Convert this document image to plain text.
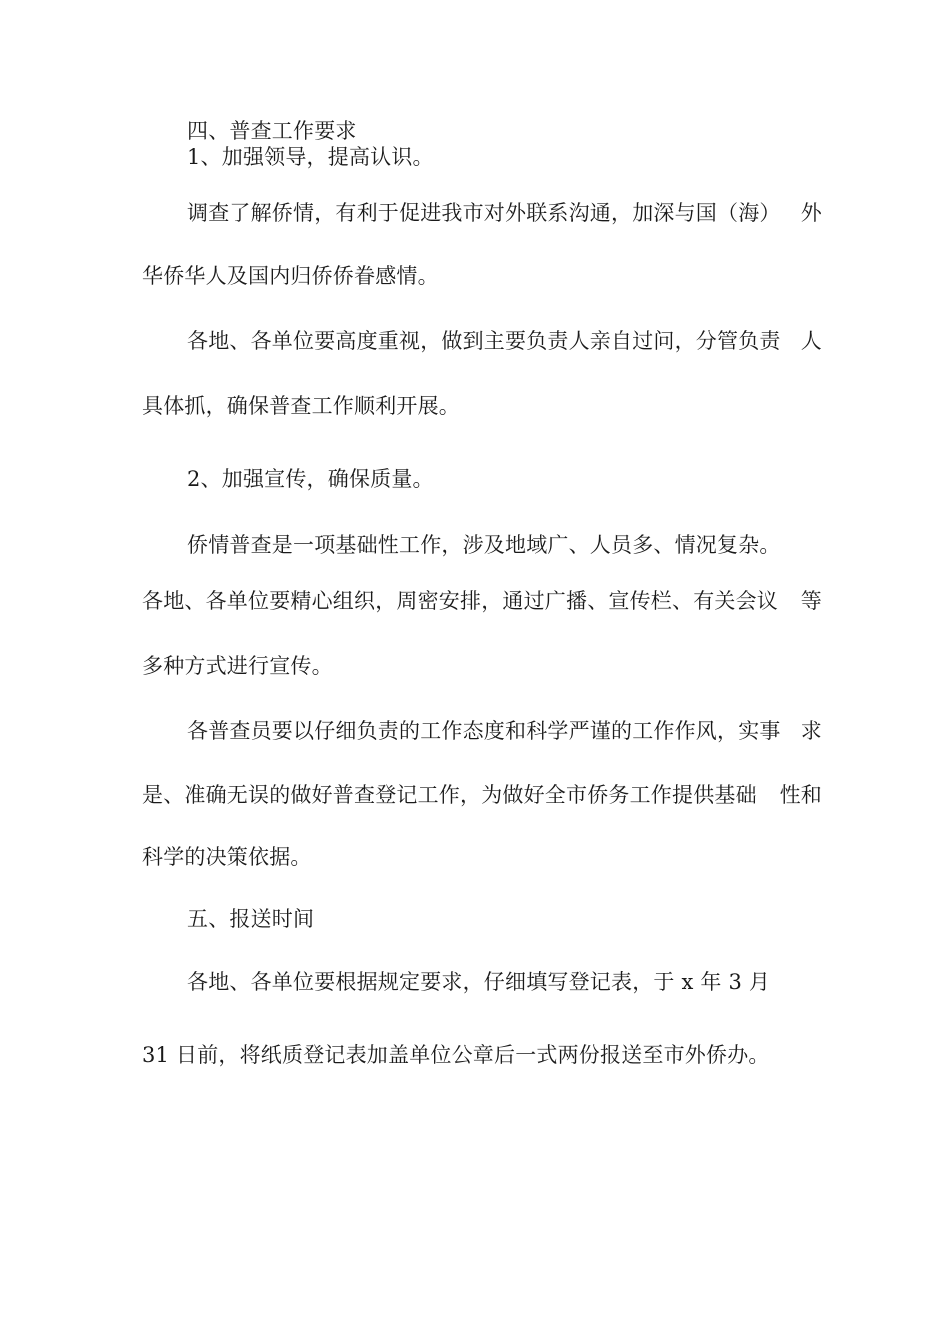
四、普查工作要求
1、加强领导，提高认识。
调查了解侨情，有利于促进我市对外联系沟通，加深与国（海） 外
华侨华人及国内归侨侨眷感情。
各地、各单位要高度重视，做到主要负责人亲自过问，分管负责 人
具体抓，确保普查工作顺利开展。
2、加强宣传，确保质量。
侨情普查是一项基础性工作，涉及地域广、人员多、情况复杂。
各地、各单位要精心组织，周密安排，通过广播、宣传栏、有关会议 等
多种方式进行宣传。
各普查员要以仔细负责的工作态度和科学严谨的工作作风，实事 求
是、准确无误的做好普查登记工作，为做好全市侨务工作提供基础 性和
科学的决策依据。
五、报送时间
各地、各单位要根据规定要求，仔细填写登记表，于 x 年 3 月
31 日前，将纸质登记表加盖单位公章后一式两份报送至市外侨办。
